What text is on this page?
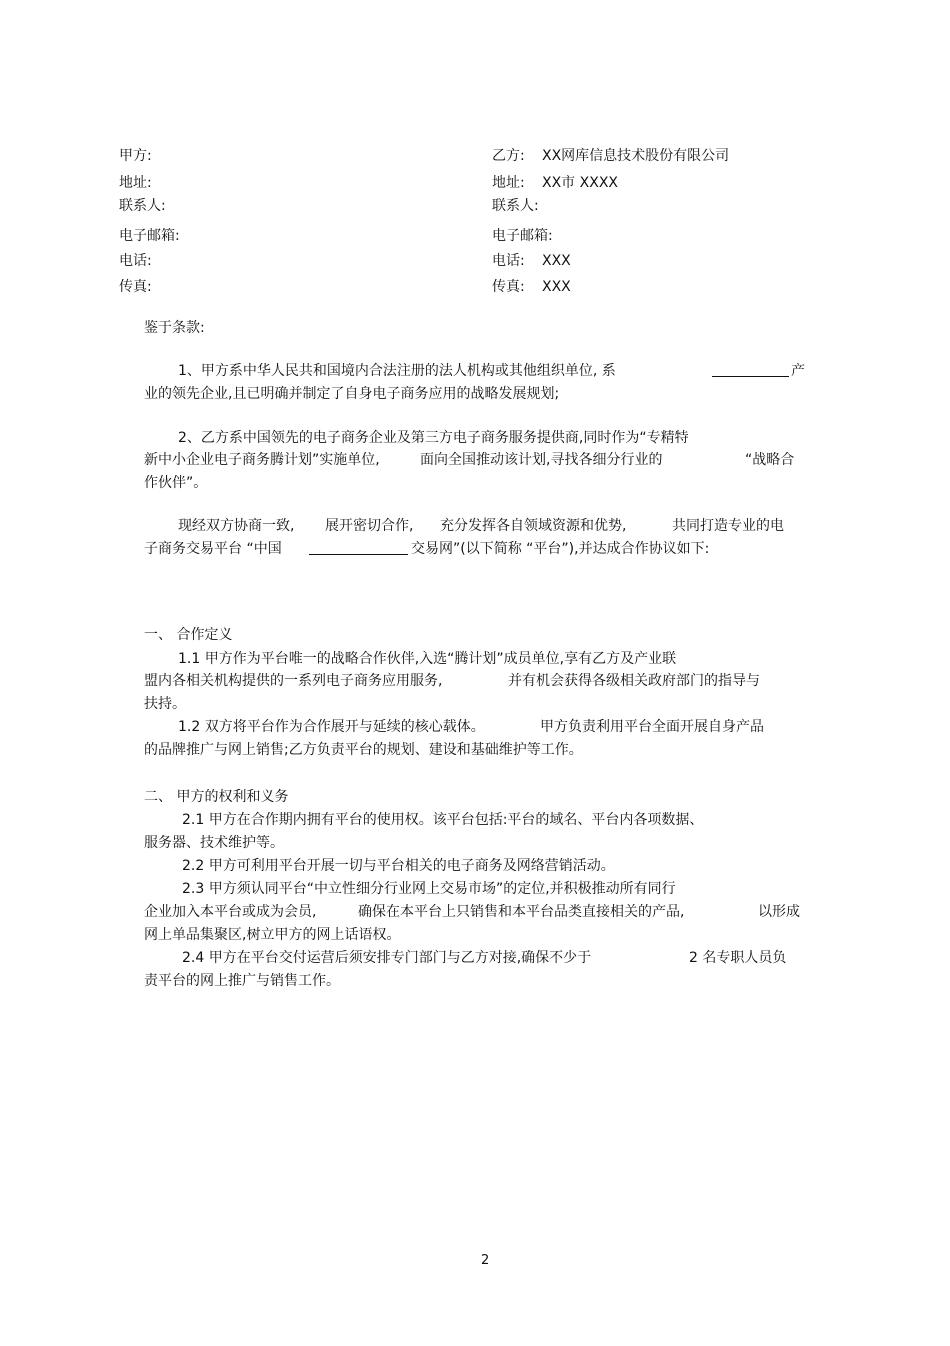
甲方:	乙方: XX网库信息技术股份有限公司
地址:	地址: XX市 XXXX
联系人:	联系人:
电子邮箱:	电子邮箱:
电话:	电话: XXX
传真:	传真: XXX
鉴于条款:
1、甲方系中华人民共和国境内合法注册的法人机构或其他组织单位, 系	产
业的领先企业,且已明确并制定了自身电子商务应用的战略发展规划;
2、乙方系中国领先的电子商务企业及第三方电子商务服务提供商,同时作为“专精特
新中小企业电子商务腾计划”实施单位,	面向全国推动该计划,寻找各细分行业的	“战略合
作伙伴”。
现经双方协商一致, 展开密切合作, 充分发挥各自领域资源和优势,	共同打造专业的电
子商务交易平台 “中国	交易网”(以下简称 “平台”),并达成合作协议如下:
一、 合作定义
1.1 甲方作为平台唯一的战略合作伙伴,入选“腾计划”成员单位,享有乙方及产业联
盟内各相关机构提供的一系列电子商务应用服务,	并有机会获得各级相关政府部门的指导与
扶持。
1.2 双方将平台作为合作展开与延续的核心载体。	甲方负责利用平台全面开展自身产品
的品牌推广与网上销售;乙方负责平台的规划、建设和基础维护等工作。
二、 甲方的权利和义务
2.1 甲方在合作期内拥有平台的使用权。该平台包括:平台的域名、平台内各项数据、
服务器、技术维护等。
2.2 甲方可利用平台开展一切与平台相关的电子商务及网络营销活动。
2.3 甲方须认同平台“中立性细分行业网上交易市场”的定位,并积极推动所有同行
企业加入本平台或成为会员,	确保在本平台上只销售和本平台品类直接相关的产品,	以形成
网上单品集聚区,树立甲方的网上话语权。
2.4 甲方在平台交付运营后须安排专门部门与乙方对接,确保不少于	2 名专职人员负
责平台的网上推广与销售工作。
2
